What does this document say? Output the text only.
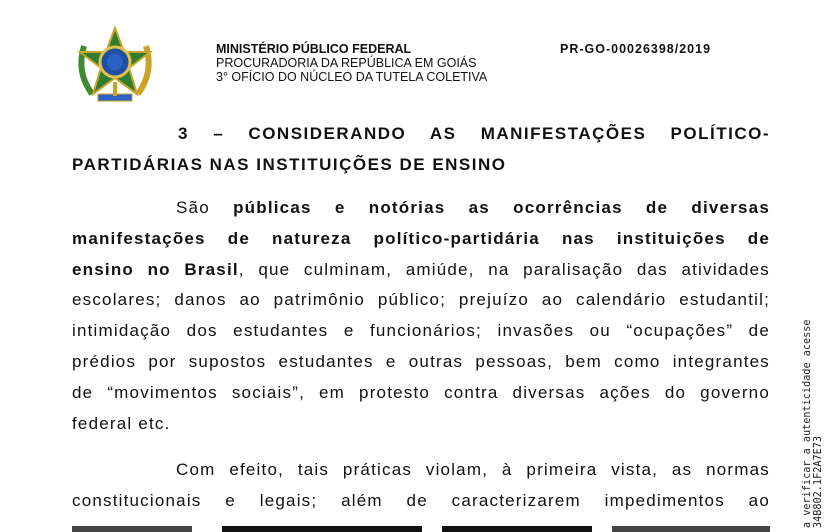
MINISTÉRIO PÚBLICO FEDERAL
PROCURADORIA DA REPÚBLICA EM GOIÁS
3° OFÍCIO DO NÚCLEO DA TUTELA COLETIVA
PR-GO-00026398/2019
3 – CONSIDERANDO AS MANIFESTAÇÕES POLÍTICO-
PARTIDÁRIAS NAS INSTITUIÇÕES DE ENSINO
São públicas e notórias as ocorrências de diversas
manifestações de natureza político-partidária nas instituições de
ensino no Brasil, que culminam, amiúde, na paralisação das atividades
escolares; danos ao patrimônio público; prejuízo ao calendário estudantil;
intimidação dos estudantes e funcionários; invasões ou “ocupações” de
prédios por supostos estudantes e outras pessoas, bem como integrantes
de “movimentos sociais”, em protesto contra diversas ações do governo
federal etc.
Com efeito, tais práticas violam, à primeira vista, as normas
constitucionais e legais; além de caracterizarem impedimentos ao	a verificar a autenticidade acesse 34B802.1F2A7E73
